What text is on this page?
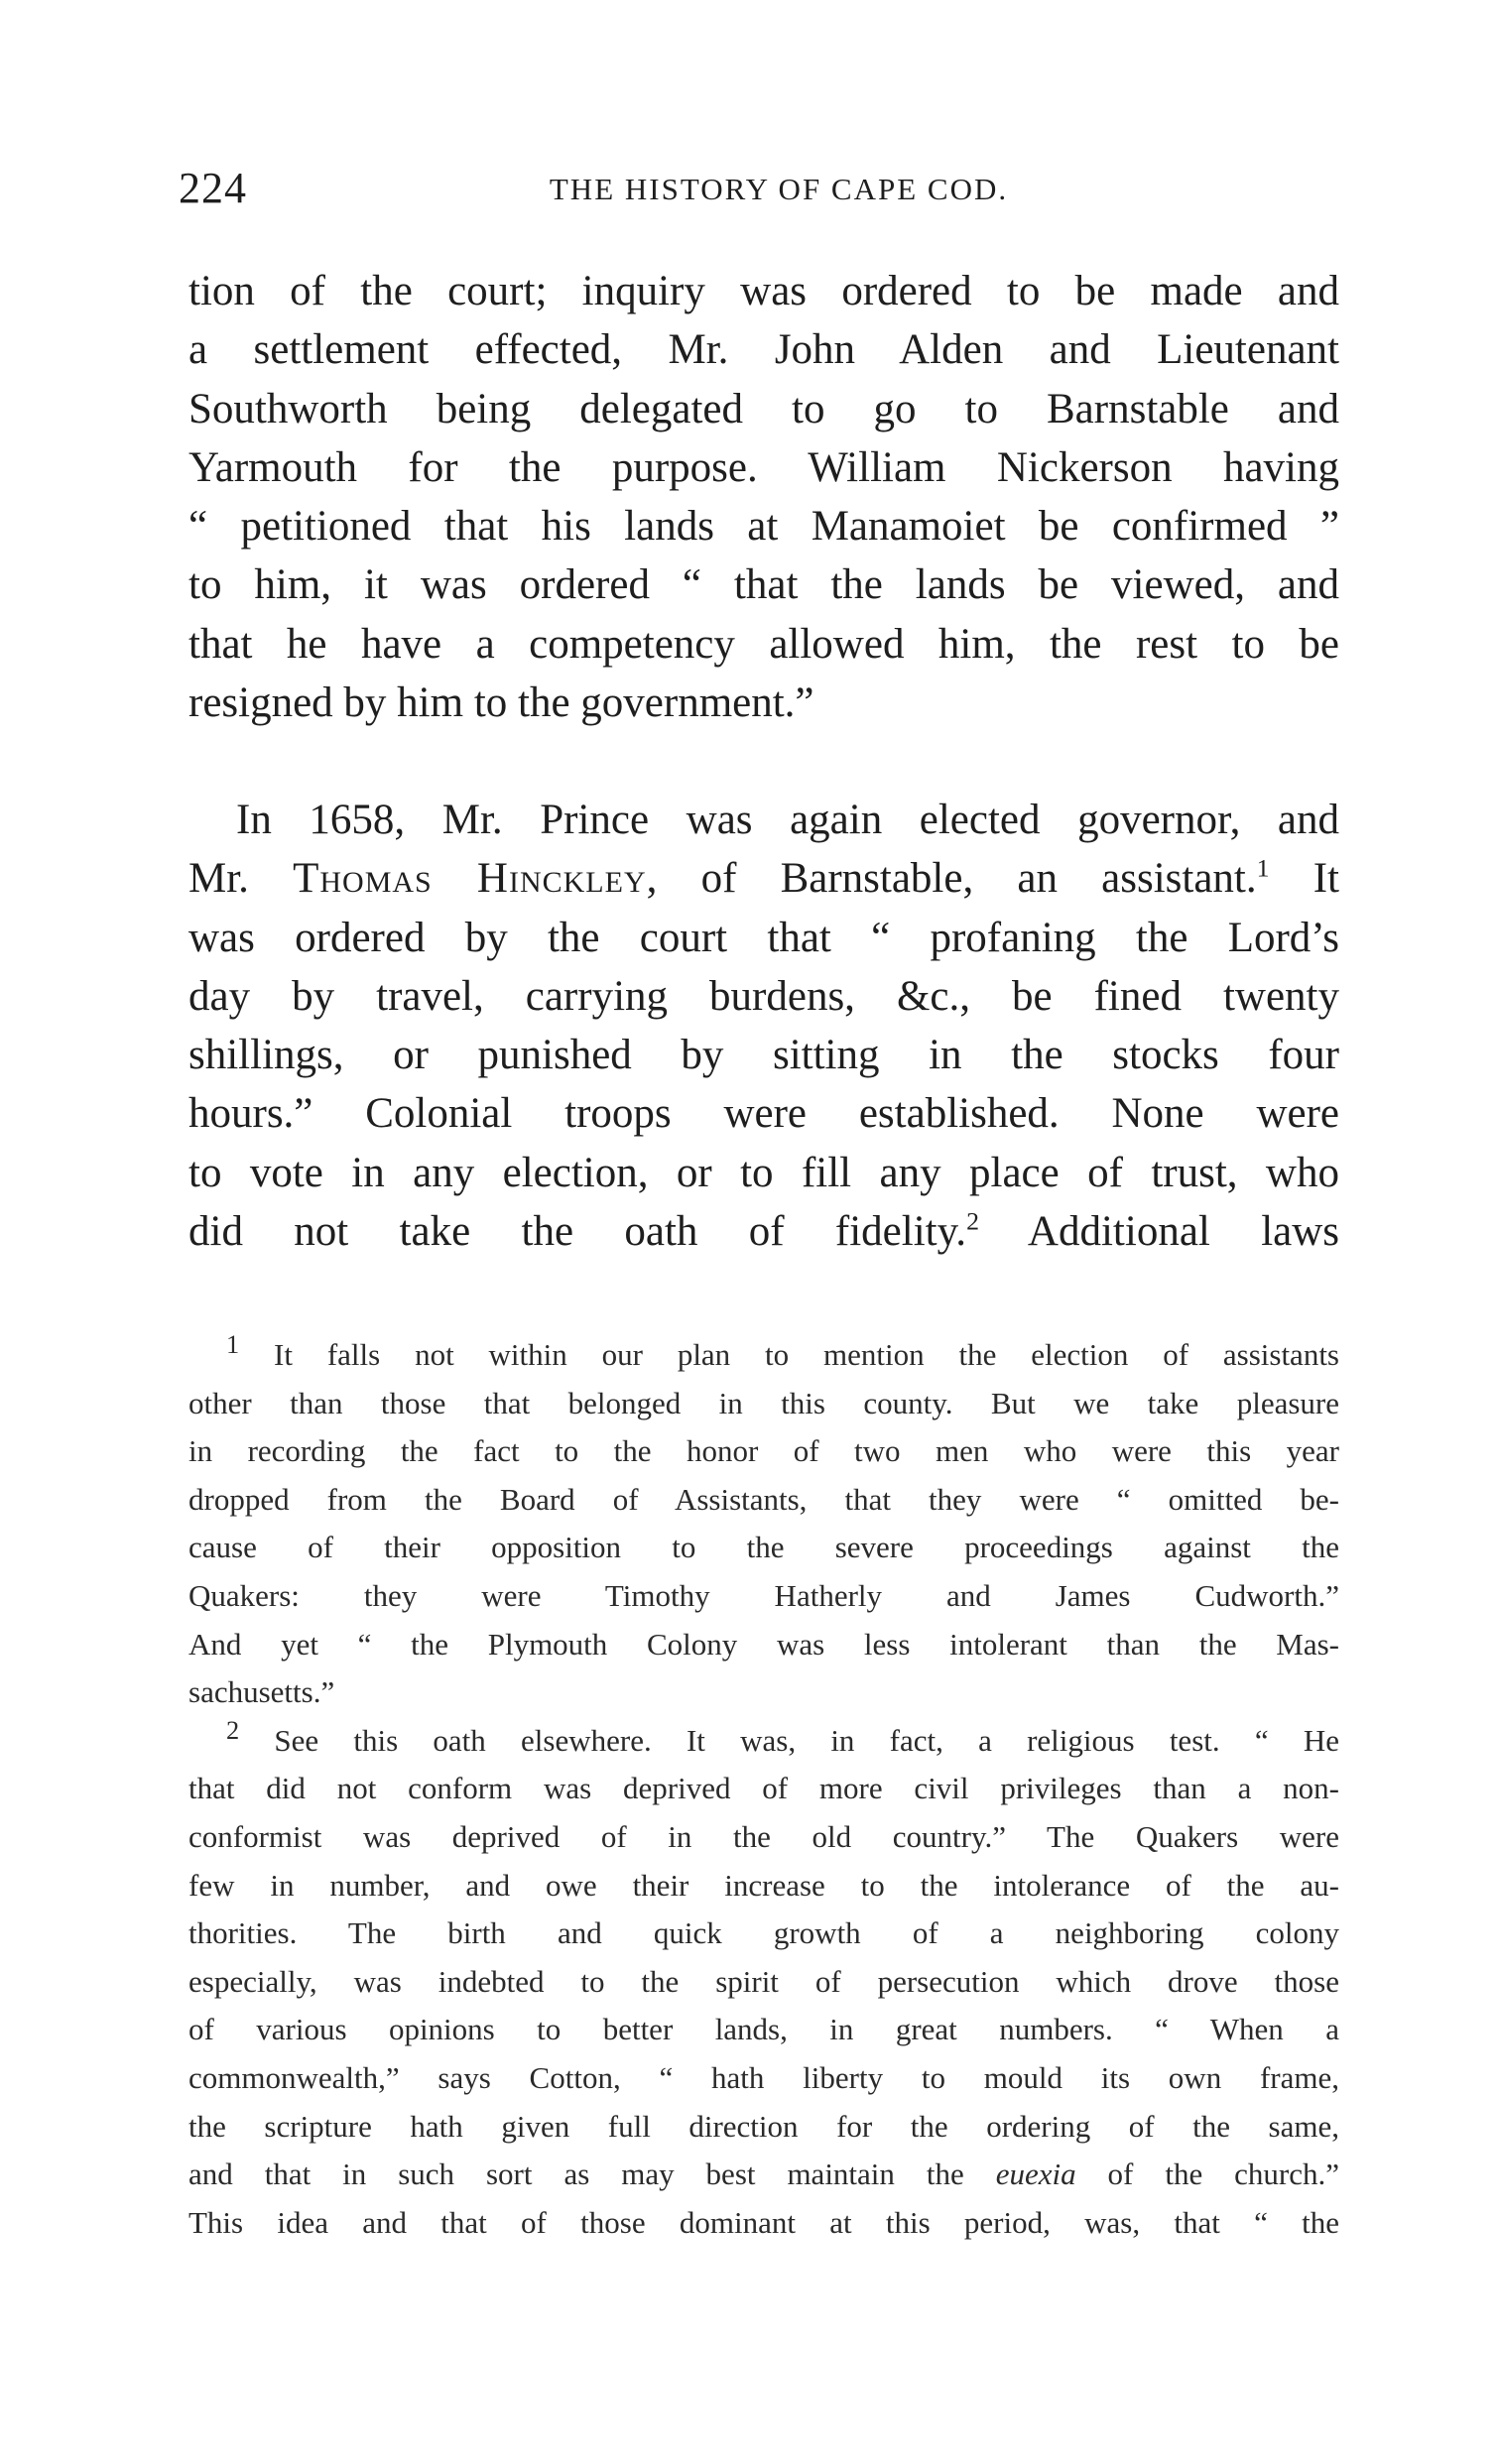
224	THE HISTORY OF CAPE COD.
tion of the court; inquiry was ordered to be made and
a settlement effected, Mr. John Alden and Lieutenant
Southworth being delegated to go to Barnstable and
Yarmouth for the purpose. William Nickerson having
“ petitioned that his lands at Manamoiet be confirmed ”
to him, it was ordered “ that the lands be viewed, and
that he have a competency allowed him, the rest to be
resigned by him to the government.”
In 1658, Mr. Prince was again elected governor, and
Mr. Thomas Hinckley, of Barnstable, an assistant.$^1$ It
was ordered by the court that “ profaning the Lord’s
day by travel, carrying burdens, &c., be fined twenty
shillings, or punished by sitting in the stocks four
hours.” Colonial troops were established. None were
to vote in any election, or to fill any place of trust, who
did not take the oath of fidelity.$^2$ Additional laws
1 It falls not within our plan to mention the election of assistants
other than those that belonged in this county. But we take pleasure
in recording the fact to the honor of two men who were this year
dropped from the Board of Assistants, that they were “ omitted be-
cause of their opposition to the severe proceedings against the
Quakers: they were Timothy Hatherly and James Cudworth.”
And yet “ the Plymouth Colony was less intolerant than the Mas-
sachusetts.”
2 See this oath elsewhere. It was, in fact, a religious test. “ He
that did not conform was deprived of more civil privileges than a non-
conformist was deprived of in the old country.” The Quakers were
few in number, and owe their increase to the intolerance of the au-
thorities. The birth and quick growth of a neighboring colony
especially, was indebted to the spirit of persecution which drove those
of various opinions to better lands, in great numbers. “ When a
commonwealth,” says Cotton, “ hath liberty to mould its own frame,
the scripture hath given full direction for the ordering of the same,
and that in such sort as may best maintain the euexia of the church.”
This idea and that of those dominant at this period, was, that “ the
